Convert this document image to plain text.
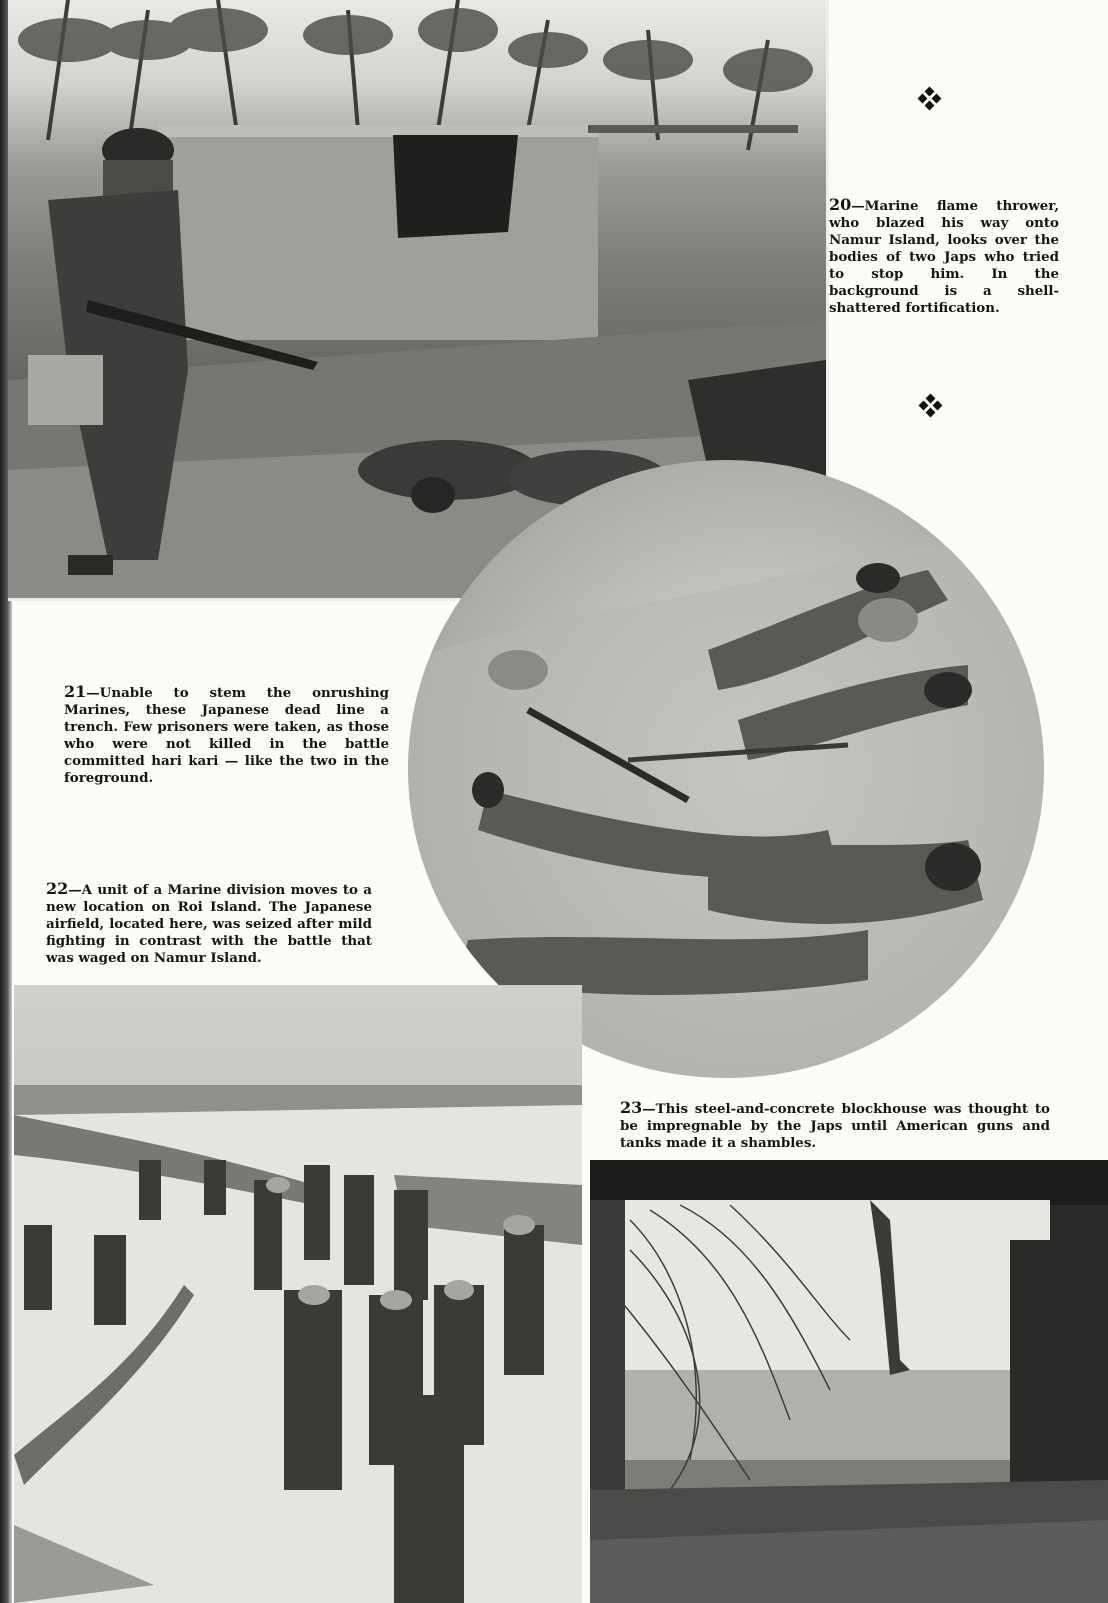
20—Marine flame thrower, who blazed his way onto Namur Island, looks over the bodies of two Japs who tried to stop him. In the background is a shell-shattered fortification.

21—Unable to stem the onrushing Marines, these Japanese dead line a trench. Few prisoners were taken, as those who were not killed in the battle committed hari kari — like the two in the foreground.

22—A unit of a Marine division moves to a new location on Roi Island. The Japanese airfield, located here, was seized after mild fighting in contrast with the battle that was waged on Namur Island.

23—This steel-and-concrete blockhouse was thought to be impregnable by the Japs until American guns and tanks made it a shambles.
